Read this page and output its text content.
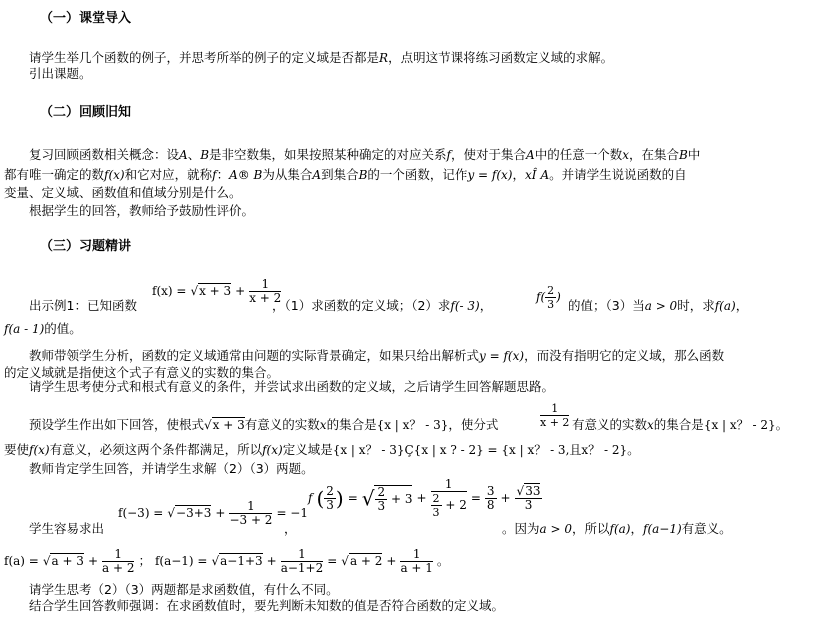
（一）课堂导入
请学生举几个函数的例子，并思考所举的例子的定义域是否都是R，点明这节课将练习函数定义域的求解。
引出课题。
（二）回顾旧知
复习回顾函数相关概念：设A、B是非空数集，如果按照某种确定的对应关系f，使对于集合A中的任意一个数x，在集合B中
都有唯一确定的数f(x)和它对应，就称f：A® B为从集合A到集合B的一个函数，记作y = f(x)，xÎ A。并请学生说说函数的自
变量、定义域、函数值和值域分别是什么。
根据学生的回答，教师给予鼓励性评价。
（三）习题精讲
$f(x) = √x + 3 + \frac{1}{x + 2}$	$f( \frac{2}{3}$ )
出示例1：已知函数	，（1）求函数的定义域；（2）求f(- 3)，	的值；（3）当a > 0时，求f(a)，
f(a - 1)的值。
教师带领学生分析，函数的定义域通常由问题的实际背景确定，如果只给出解析式y = f(x)，而没有指明它的定义域，那么函数
的定义域就是指使这个式子有意义的实数的集合。
请学生思考使分式和根式有意义的条件，并尝试求出函数的定义域，之后请学生回答解题思路。
预设学生作出如下回答，使根式√x + 3有意义的实数x的集合是{x | x？ - 3}，使分式	$\frac{1}{x + 2}$ 有意义的实数x的集合是{x | x？ - 2}。
要使f(x)有意义，必须这两个条件都满足，所以f(x)定义域是{x | x？ - 3}Ç{x | x ? - 2} = {x | x？ - 3,且x？ - 2}。
教师肯定学生回答，并请学生求解（2）（3）两题。
学生容易求出
$f(-3) = √-3+3 + \frac{1}{-3 + 2} = -1$
，
f ( $\frac{2}{3}$ ) = √ $\frac{2}{3} + 3 + \frac{1}{\frac{2}{3} + 2} = \frac{3}{8} + \frac{√33}{3}$
。因为a > 0，所以f(a)，f(a−1)有意义。
$f(a) = √a + 3 + \frac{1}{a + 2}$ ； $f(a-1) = √a-1+3 + \frac{1}{a-1+2} = √a + 2 + \frac{1}{a + 1}$ 。
请学生思考（2）（3）两题都是求函数值，有什么不同。
结合学生回答教师强调：在求函数值时，要先判断未知数的值是否符合函数的定义域。
